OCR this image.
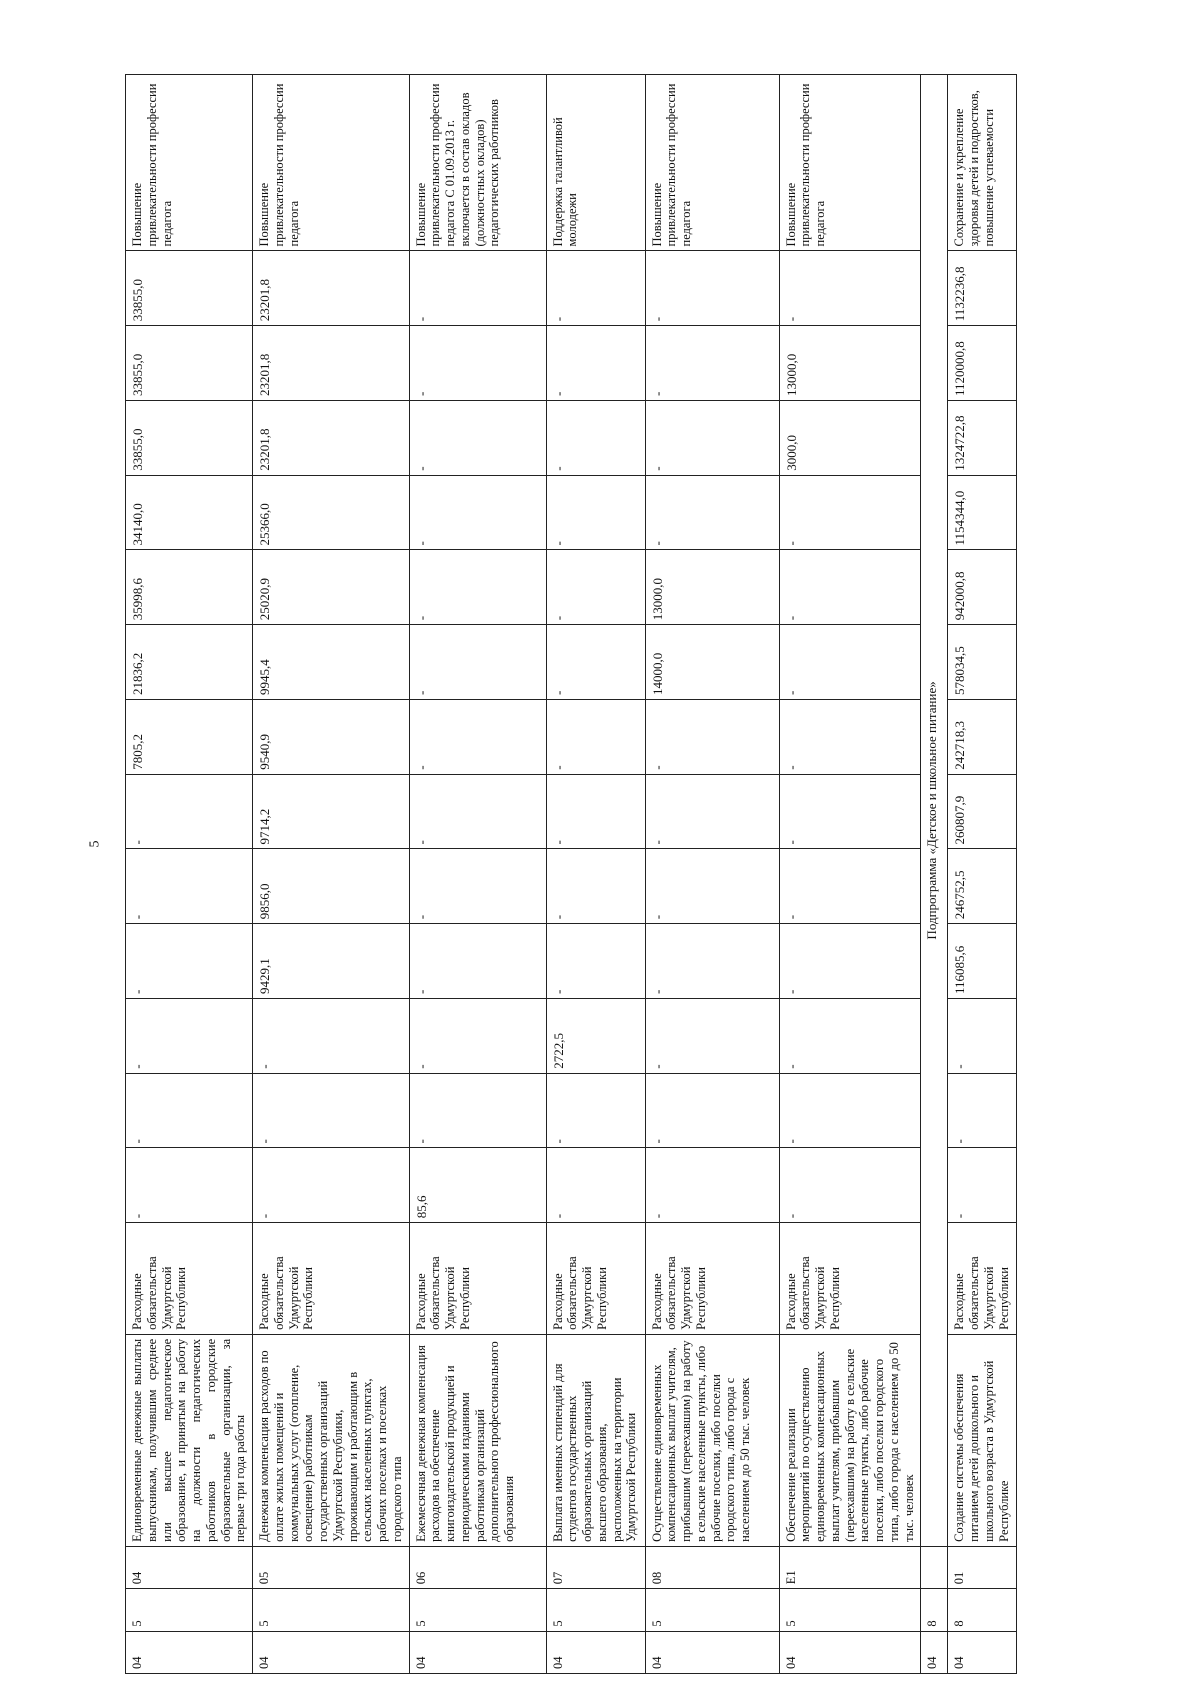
5
04	5	04	Единовременные денежные выплаты выпускникам, получившим среднее или высшее педагогическое образование, и принятым на работу на должности педагогических работников в городские образовательные организации, за первые три года работы	Расходные обязательства Удмуртской Республики	-	-	-	-	-	-	7805,2	21836,2	35998,6	34140,0	33855,0	33855,0	33855,0	Повышение привлекательности профессии педагога
04	5	05	Денежная компенсация расходов по оплате жилых помещений и коммунальных услуг (отопление, освещение) работникам государственных организаций Удмуртской Республики, проживающим и работающим в сельских населенных пунктах, рабочих поселках и поселках городского типа	Расходные обязательства Удмуртской Республики	-	-	-	9429,1	9856,0	9714,2	9540,9	9945,4	25020,9	25366,0	23201,8	23201,8	23201,8	Повышение привлекательности профессии педагога
04	5	06	Ежемесячная денежная компенсация расходов на обеспечение книгоиздательской продукцией и периодическими изданиями работникам организаций дополнительного профессионального образования	Расходные обязательства Удмуртской Республики	85,6	-	-	-	-	-	-	-	-	-	-	-	-	Повышение привлекательности профессии педагога С 01.09.2013 г. включается в состав окладов (должностных окладов) педагогических работников
04	5	07	Выплата именных стипендий для студентов государственных образовательных организаций высшего образования, расположенных на территории Удмуртской Республики	Расходные обязательства Удмуртской Республики	-	-	2722,5	-	-	-	-	-	-	-	-	-	-	Поддержка талантливой молодежи
04	5	08	Осуществление единовременных компенсационных выплат учителям, прибывшим (переехавшим) на работу в сельские населенные пункты, либо рабочие поселки, либо поселки городского типа, либо города с населением до 50 тыс. человек	Расходные обязательства Удмуртской Республики	-	-	-	-	-	-	-	14000,0	13000,0	-	-	-	-	Повышение привлекательности профессии педагога
04	5	Е1	Обеспечение реализации мероприятий по осуществлению единовременных компенсационных выплат учителям, прибывшим (переехавшим) на работу в сельские населенные пункты, либо рабочие поселки, либо поселки городского типа, либо города с населением до 50 тыс. человек	Расходные обязательства Удмуртской Республики	-	-	-	-	-	-	-	-	-	-	3000,0	13000,0	-	Повышение привлекательности профессии педагога
04	8		Подпрограмма «Детское и школьное питание»															
04	8	01	Создание системы обеспечения питанием детей дошкольного и школьного возраста в Удмуртской Республике	Расходные обязательства Удмуртской Республики	-	-	-	116085,6	246752,5	260807,9	242718,3	578034,5	942000,8	1154344,0	1324722,8	1120000,8	1132236,8	Сохранение и укрепление здоровья детей и подростков, повышение успеваемости
